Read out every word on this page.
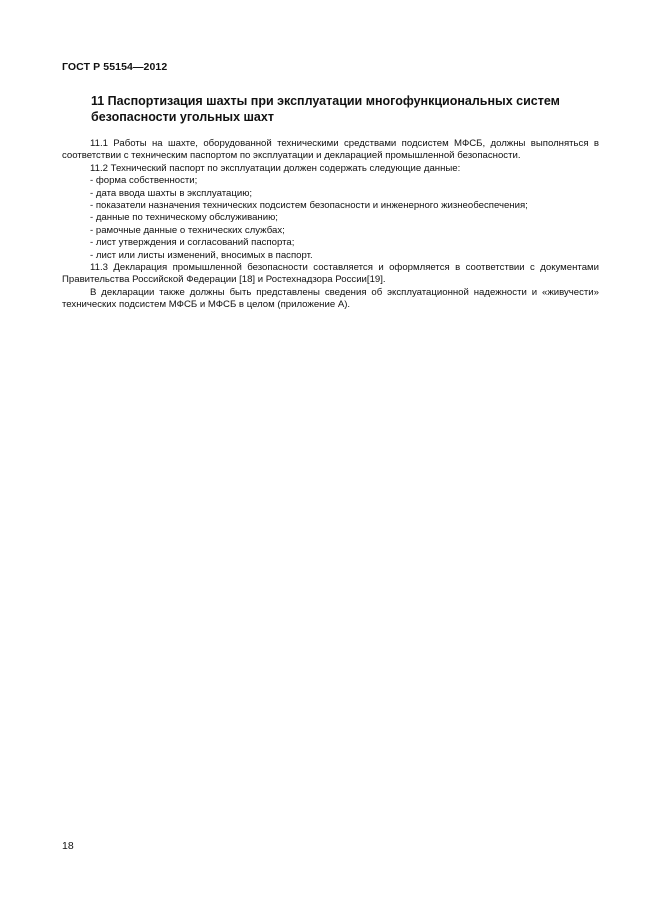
ГОСТ Р 55154—2012
11 Паспортизация шахты при эксплуатации многофункциональных систем безопасности угольных шахт

11.1 Работы на шахте, оборудованной техническими средствами подсистем МФСБ, должны выполняться в соответствии с техническим паспортом по эксплуатации и декларацией промышленной безопасности.

11.2 Технический паспорт по эксплуатации должен содержать следующие данные:

- форма собственности;

- дата ввода шахты в эксплуатацию;

- показатели назначения технических подсистем безопасности и инженерного жизнеобеспечения;

- данные по техническому обслуживанию;

- рамочные данные о технических службах;

- лист утверждения и согласований паспорта;

- лист или листы изменений, вносимых в паспорт.

11.3 Декларация промышленной безопасности составляется и оформляется в соответствии с документами Правительства Российской Федерации [18] и Ростехнадзора России[19].

В декларации также должны быть представлены сведения об эксплуатационной надежности и «живучести» технических подсистем МФСБ и МФСБ в целом (приложение А).

18
